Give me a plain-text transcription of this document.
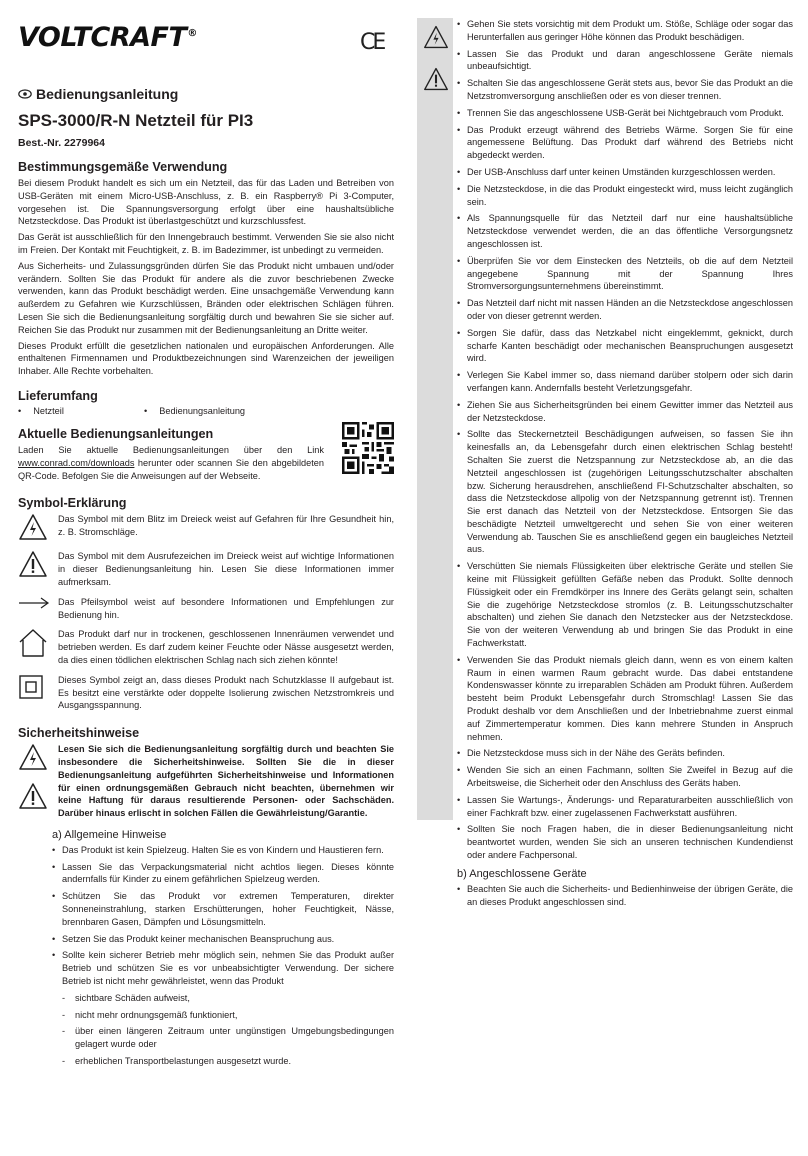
VOLTCRAFT®	CE
Bedienungsanleitung
SPS-3000/R-N Netzteil für PI3
Best.-Nr. 2279964
Bestimmungsgemäße Verwendung

Bei diesem Produkt handelt es sich um ein Netzteil, das für das Laden und Betreiben von USB-Geräten mit einem Micro-USB-Anschluss, z. B. ein Raspberry® Pi 3-Computer, vorgesehen ist. Die Spannungsversorgung erfolgt über eine haushaltsübliche Netzsteckdose. Das Produkt ist überlastgeschützt und kurzschlussfest.

Das Gerät ist ausschließlich für den Innengebrauch bestimmt. Verwenden Sie sie also nicht im Freien. Der Kontakt mit Feuchtigkeit, z. B. im Badezimmer, ist unbedingt zu vermeiden.

Aus Sicherheits- und Zulassungsgründen dürfen Sie das Produkt nicht umbauen und/oder verändern. Sollten Sie das Produkt für andere als die zuvor beschriebenen Zwecke verwenden, kann das Produkt beschädigt werden. Eine unsachgemäße Verwendung kann außerdem zu Gefahren wie Kurzschlüssen, Bränden oder elektrischen Schlägen führen. Lesen Sie sich die Bedienungsanleitung sorgfältig durch und bewahren Sie sie sicher auf. Reichen Sie das Produkt nur zusammen mit der Bedienungsanleitung an Dritte weiter.

Dieses Produkt erfüllt die gesetzlichen nationalen und europäischen Anforderungen. Alle enthaltenen Firmennamen und Produktbezeichnungen sind Warenzeichen der jeweiligen Inhaber. Alle Rechte vorbehalten.

Lieferumfang
• Netzteil	• Bedienungsanleitung
Aktuelle Bedienungsanleitungen

Laden Sie aktuelle Bedienungsanleitungen über den Link www.conrad.com/downloads herunter oder scannen Sie den abgebildeten QR-Code. Befolgen Sie die Anweisungen auf der Webseite.

Symbol-Erklärung

Das Symbol mit dem Blitz im Dreieck weist auf Gefahren für Ihre Gesundheit hin, z. B. Stromschläge.

Das Symbol mit dem Ausrufezeichen im Dreieck weist auf wichtige Informationen in dieser Bedienungsanleitung hin. Lesen Sie diese Informationen immer aufmerksam.

Das Pfeilsymbol weist auf besondere Informationen und Empfehlungen zur Bedienung hin.

Das Produkt darf nur in trockenen, geschlossenen Innenräumen verwendet und betrieben werden. Es darf zudem keiner Feuchte oder Nässe ausgesetzt werden, da dies einen tödlichen elektrischen Schlag nach sich ziehen könnte!

Dieses Symbol zeigt an, dass dieses Produkt nach Schutzklasse II aufgebaut ist. Es besitzt eine verstärkte oder doppelte Isolierung zwischen Netzstromkreis und Ausgangsspannung.

Sicherheitshinweise

Lesen Sie sich die Bedienungsanleitung sorgfältig durch und beachten Sie insbesondere die Sicherheitshinweise. Sollten Sie die in dieser Bedienungsanleitung aufgeführten Sicherheitshinweise und Informationen für einen ordnungsgemäßen Gebrauch nicht beachten, übernehmen wir keine Haftung für daraus resultierende Personen- oder Sachschäden. Darüber hinaus erlischt in solchen Fällen die Gewährleistung/Garantie.

a) Allgemeine Hinweise
• Das Produkt ist kein Spielzeug. Halten Sie es von Kindern und Haustieren fern.
• Lassen Sie das Verpackungsmaterial nicht achtlos liegen. Dieses könnte andernfalls für Kinder zu einem gefährlichen Spielzeug werden.
• Schützen Sie das Produkt vor extremen Temperaturen, direkter Sonneneinstrahlung, starken Erschütterungen, hoher Feuchtigkeit, Nässe, brennbaren Gasen, Dämpfen und Lösungsmitteln.
• Setzen Sie das Produkt keiner mechanischen Beanspruchung aus.
• Sollte kein sicherer Betrieb mehr möglich sein, nehmen Sie das Produkt außer Betrieb und schützen Sie es vor unbeabsichtigter Verwendung. Der sichere Betrieb ist nicht mehr gewährleistet, wenn das Produkt
- sichtbare Schäden aufweist,
- nicht mehr ordnungsgemäß funktioniert,
- über einen längeren Zeitraum unter ungünstigen Umgebungsbedingungen gelagert wurde oder
- erheblichen Transportbelastungen ausgesetzt wurde.
• Gehen Sie stets vorsichtig mit dem Produkt um. Stöße, Schläge oder sogar das Herunterfallen aus geringer Höhe können das Produkt beschädigen.
• Lassen Sie das Produkt und daran angeschlossene Geräte niemals unbeaufsichtigt.
• Schalten Sie das angeschlossene Gerät stets aus, bevor Sie das Produkt an die Netzstromversorgung anschließen oder es von dieser trennen.
• Trennen Sie das angeschlossene USB-Gerät bei Nichtgebrauch vom Produkt.
• Das Produkt erzeugt während des Betriebs Wärme. Sorgen Sie für eine angemessene Belüftung. Das Produkt darf während des Betriebs nicht abgedeckt werden.
• Der USB-Anschluss darf unter keinen Umständen kurzgeschlossen werden.
• Die Netzsteckdose, in die das Produkt eingesteckt wird, muss leicht zugänglich sein.
• Als Spannungsquelle für das Netzteil darf nur eine haushaltsübliche Netzsteckdose verwendet werden, die an das öffentliche Versorgungsnetz angeschlossen ist.
• Überprüfen Sie vor dem Einstecken des Netzteils, ob die auf dem Netzteil angegebene Spannung mit der Spannung Ihres Stromversorgungsunternehmens übereinstimmt.
• Das Netzteil darf nicht mit nassen Händen an die Netzsteckdose angeschlossen oder von dieser getrennt werden.
• Sorgen Sie dafür, dass das Netzkabel nicht eingeklemmt, geknickt, durch scharfe Kanten beschädigt oder mechanischen Beanspruchungen ausgesetzt wird.
• Verlegen Sie Kabel immer so, dass niemand darüber stolpern oder sich darin verfangen kann. Andernfalls besteht Verletzungsgefahr.
• Ziehen Sie aus Sicherheitsgründen bei einem Gewitter immer das Netzteil aus der Netzsteckdose.
• Sollte das Steckernetzteil Beschädigungen aufweisen, so fassen Sie ihn keinesfalls an, da Lebensgefahr durch einen elektrischen Schlag besteht! Schalten Sie zuerst die Netzspannung zur Netzsteckdose ab, an die das Netzteil angeschlossen ist (zugehörigen Leitungsschutzschalter abschalten bzw. Sicherung herausdrehen, anschließend FI-Schutzschalter abschalten, so dass die Netzsteckdose allpolig von der Netzspannung getrennt ist). Trennen Sie erst danach das Netzteil von der Netzsteckdose. Entsorgen Sie das beschädigte Netzteil umweltgerecht und sehen Sie von einer weiteren Verwendung ab. Tauschen Sie es anschließend gegen ein baugleiches Netzteil aus.
• Verschütten Sie niemals Flüssigkeiten über elektrische Geräte und stellen Sie keine mit Flüssigkeit gefüllten Gefäße neben das Produkt. Sollte dennoch Flüssigkeit oder ein Fremdkörper ins Innere des Geräts gelangt sein, schalten Sie die zugehörige Netzsteckdose stromlos (z. B. Leitungsschutzschalter abschalten) und ziehen Sie danach den Netzstecker aus der Netzsteckdose. Sie von der weiteren Verwendung ab und bringen Sie das Produkt in eine Fachwerkstatt.
• Verwenden Sie das Produkt niemals gleich dann, wenn es von einem kalten Raum in einen warmen Raum gebracht wurde. Das dabei entstandene Kondenswasser könnte zu irreparablen Schäden am Produkt führen. Außerdem besteht beim Produkt Lebensgefahr durch Stromschlag! Lassen Sie das Produkt deshalb vor dem Anschließen und der Inbetriebnahme zuerst einmal auf Zimmertemperatur kommen. Dies kann mehrere Stunden in Anspruch nehmen.
• Die Netzsteckdose muss sich in der Nähe des Geräts befinden.
• Wenden Sie sich an einen Fachmann, sollten Sie Zweifel in Bezug auf die Arbeitsweise, die Sicherheit oder den Anschluss des Geräts haben.
• Lassen Sie Wartungs-, Änderungs- und Reparaturarbeiten ausschließlich von einer Fachkraft bzw. einer zugelassenen Fachwerkstatt ausführen.
• Sollten Sie noch Fragen haben, die in dieser Bedienungsanleitung nicht beantwortet wurden, wenden Sie sich an unseren technischen Kundendienst oder andere Fachpersonal.
b) Angeschlossene Geräte
• Beachten Sie auch die Sicherheits- und Bedienhinweise der übrigen Geräte, die an dieses Produkt angeschlossen sind.
